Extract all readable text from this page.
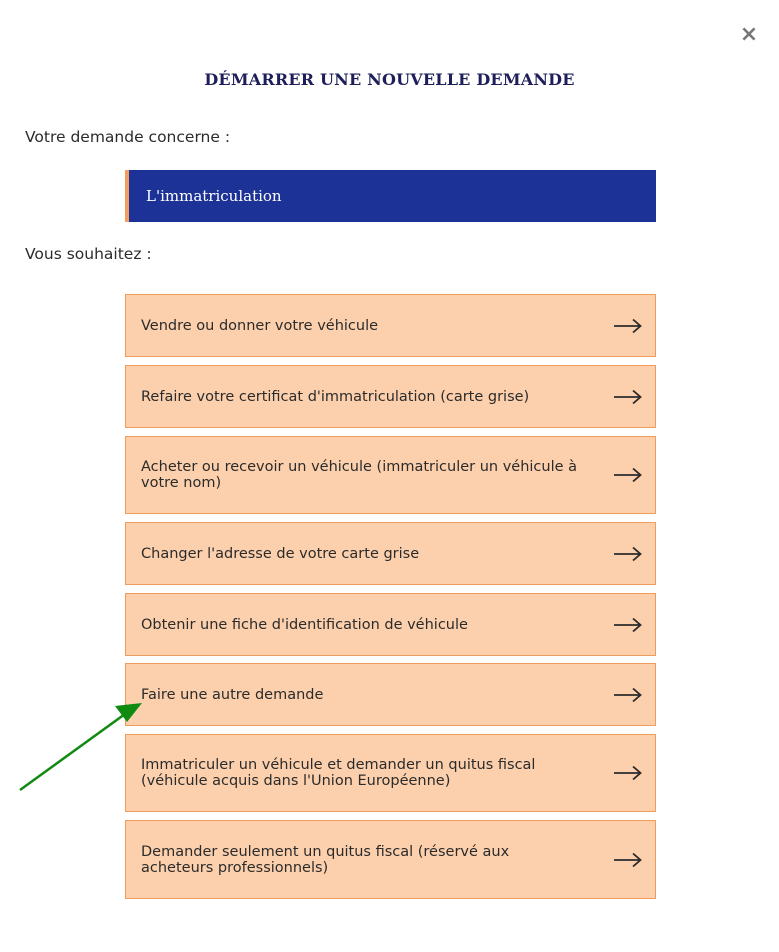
×
DÉMARRER UNE NOUVELLE DEMANDE
Votre demande concerne :
L'immatriculation
Vous souhaitez :
Vendre ou donner votre véhicule
Refaire votre certificat d'immatriculation (carte grise)
Acheter ou recevoir un véhicule (immatriculer un véhicule à votre nom)
Changer l'adresse de votre carte grise
Obtenir une fiche d'identification de véhicule
Faire une autre demande
Immatriculer un véhicule et demander un quitus fiscal (véhicule acquis dans l'Union Européenne)
Demander seulement un quitus fiscal (réservé aux acheteurs professionnels)
